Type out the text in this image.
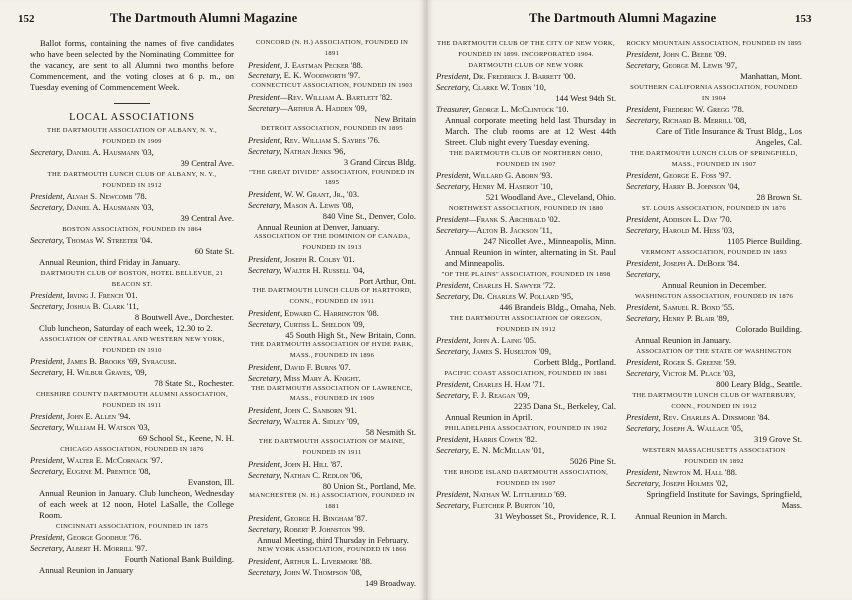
152	The Dartmouth Alumni Magazine

Ballot forms, containing the names of five candidates who have been selected by the Nominating Committee for the vacancy, are sent to all Alumni two months before Commencement, and the voting closes at 6 p. m., on Tuesday evening of Commencement Week.

LOCAL ASSOCIATIONS

THE DARTMOUTH ASSOCIATION OF ALBANY, N. Y., FOUNDED IN 1909

Secretary, Daniel A. Hausmann '03,

39 Central Ave.

THE DARTMOUTH LUNCH CLUB OF ALBANY, N. Y., FOUNDED IN 1912

President, Alvah S. Newcomb '78.

Secretary, Daniel A. Hausmann '03,

39 Central Ave.

BOSTON ASSOCIATION, FOUNDED IN 1864

Secretary, Thomas W. Streeter '04.

60 State St.

Annual Reunion, third Friday in January.

DARTMOUTH CLUB OF BOSTON, HOTEL BELLEVUE, 21 BEACON ST.

President, Irving J. French '01.

Secretary, Joshua B. Clark '11,

8 Boutwell Ave., Dorchester.

Club luncheon, Saturday of each week, 12.30 to 2.

ASSOCIATION OF CENTRAL AND WESTERN NEW YORK, FOUNDED IN 1910

President, James B. Brooks '69, Syracuse.

Secretary, H. Wilbur Graves, '09,

78 State St., Rochester.

CHESHIRE COUNTY DARTMOUTH ALUMNI ASSOCIATION, FOUNDED IN 1911

President, John E. Allen '94.

Secretary, William H. Watson '03,

69 School St., Keene, N. H.

CHICAGO ASSOCIATION, FOUNDED IN 1876

President, Walter E. McCornack '97.

Secretary, Eugene M. Prentice '08,

Evanston, Ill.

Annual Reunion in January. Club luncheon, Wednesday of each week at 12 noon, Hotel LaSalle, the College Room.

CINCINNATI ASSOCIATION, FOUNDED IN 1875

President, George Goodhue '76.

Secretary, Albert H. Morrill '97.

Fourth National Bank Building.

Annual Reunion in January

CONCORD (N. H.) ASSOCIATION, FOUNDED IN 1891

President, J. Eastman Pecker '88.

Secretary, E. K. Woodworth '97.

CONNECTICUT ASSOCIATION, FOUNDED IN 1903

President—Rev. William A. Bartlett '82.

Secretary—Arthur A. Hadden '09,

New Britain

DETROIT ASSOCIATION, FOUNDED IN 1895

President, Rev. William S. Sayres '76.

Secretary, Nathan Jenks '96,

3 Grand Circus Bldg.

"THE GREAT DIVIDE" ASSOCIATION, FOUNDED IN 1895

President, W. W. Grant, Jr., '03.

Secretary, Mason A. Lewis '08,

840 Vine St., Denver, Colo.

Annual Reunion at Denver, January.

ASSOCIATION OF THE DOMINION OF CANADA, FOUNDED IN 1913

President, Joseph R. Colby '01.

Secretary, Walter H. Russell '04,

Port Arthur, Ont.

THE DARTMOUTH LUNCH CLUB OF HARTFORD, CONN., FOUNDED IN 1911

President, Edward C. Harrington '08.

Secretary, Curtiss L. Sheldon '09,

45 South High St., New Britain, Conn.

THE DARTMOUTH ASSOCIATION OF HYDE PARK, MASS., FOUNDED IN 1896

President, David F. Burns '07.

Secretary, Miss Mary A. Knight.

THE DARTMOUTH ASSOCIATION OF LAWRENCE, MASS., FOUNDED IN 1909

President, John C. Sanborn '91.

Secretary, Walter A. Sidley '09,

58 Nesmith St.

THE DARTMOUTH ASSOCIATION OF MAINE, FOUNDED IN 1911

President, John H. Hill '87.

Secretary, Nathan C. Redlon '06,

80 Union St., Portland, Me.

MANCHESTER (N. H.) ASSOCIATION, FOUNDED IN 1881

President, George H. Bingham '87.

Secretary, Robert P. Johnston '99.

Annual Meeting, third Thursday in February.

NEW YORK ASSOCIATION, FOUNDED IN 1866

President, Arthur L. Livermore '88.

Secretary, John W. Thompson '08,

149 Broadway.

The Dartmouth Alumni Magazine	153

THE DARTMOUTH CLUB OF THE CITY OF NEW YORK, FOUNDED IN 1899. INCORPORATED 1904. DARTMOUTH CLUB OF NEW YORK

President, Dr. Frederick J. Barrett '00.

Secretary, Clarke W. Tobin '10,

144 West 94th St.

Treasurer, George L. McClintock '10.

Annual corporate meeting held last Thursday in March. The club rooms are at 12 West 44th Street. Club night every Tuesday evening.

THE DARTMOUTH CLUB OF NORTHERN OHIO, FOUNDED IN 1907

President, Willard G. Aborn '93.

Secretary, Henry M. Haserot '10,

521 Woodland Ave., Cleveland, Ohio.

NORTHWEST ASSOCIATION, FOUNDED IN 1880

President—Frank S. Archibald '02.

Secretary—Alton B. Jackson '11,

247 Nicollet Ave., Minneapolis, Minn.

Annual Reunion in winter, alternating in St. Paul and Minneapolis.

"OF THE PLAINS" ASSOCIATION, FOUNDED IN 1898

President, Charles H. Sawyer '72.

Secretary, Dr. Charles W. Pollard '95,

446 Brandeis Bldg., Omaha, Neb.

THE DARTMOUTH ASSOCIATION OF OREGON, FOUNDED IN 1912

President, John A. Laing '05.

Secretary, James S. Huselton '09,

Corbett Bldg., Portland.

PACIFIC COAST ASSOCIATION, FOUNDED IN 1881

President, Charles H. Ham '71.

Secretary, F. J. Reagan '09,

2235 Dana St., Berkeley, Cal.

Annual Reunion in April.

PHILADELPHIA ASSOCIATION, FOUNDED IN 1902

President, Harris Cowen '82.

Secretary, E. N. McMillan '01,

5026 Pine St.

THE RHODE ISLAND DARTMOUTH ASSOCIATION, FOUNDED IN 1907

President, Nathan W. Littlefield '69.

Secretary, Fletcher P. Burton '10,

31 Weybosset St., Providence, R. I.

ROCKY MOUNTAIN ASSOCIATION, FOUNDED IN 1895

President, John C. Beebe '09.

Secretary, George M. Lewis '97,

Manhattan, Mont.

SOUTHERN CALIFORNIA ASSOCIATION, FOUNDED IN 1904

President, Frederic W. Gregg '78.

Secretary, Richard B. Merrill '08,

Care of Title Insurance & Trust Bldg., Los Angeles, Cal.

THE DARTMOUTH LUNCH CLUB OF SPRINGFIELD, MASS., FOUNDED IN 1907

President, George E. Foss '97.

Secretary, Harry B. Johnson '04,

28 Brown St.

ST. LOUIS ASSOCIATION, FOUNDED IN 1876

President, Addison L. Day '70.

Secretary, Harold M. Hess '03,

1105 Pierce Building.

VERMONT ASSOCIATION, FOUNDED IN 1893

President, Joseph A. DeBoer '84.

Secretary,

Annual Reunion in December.

WASHINGTON ASSOCIATION, FOUNDED IN 1876

President, Samuel R. Bond '55.

Secretary, Henry P. Blair '89,

Colorado Building.

Annual Reunion in January.

ASSOCIATION OF THE STATE OF WASHINGTON

President, Roger S. Greene '59.

Secretary, Victor M. Place '03,

800 Leary Bldg., Seattle.

THE DARTMOUTH LUNCH CLUB OF WATERBURY, CONN., FOUNDED IN 1912

President, Rev. Charles A. Dinsmore '84.

Secretary, Joseph A. Wallace '05,

319 Grove St.

WESTERN MASSACHUSETTS ASSOCIATION FOUNDED IN 1892

President, Newton M. Hall '88.

Secretary, Joseph Holmes '02,

Springfield Institute for Savings, Springfield, Mass.

Annual Reunion in March.
